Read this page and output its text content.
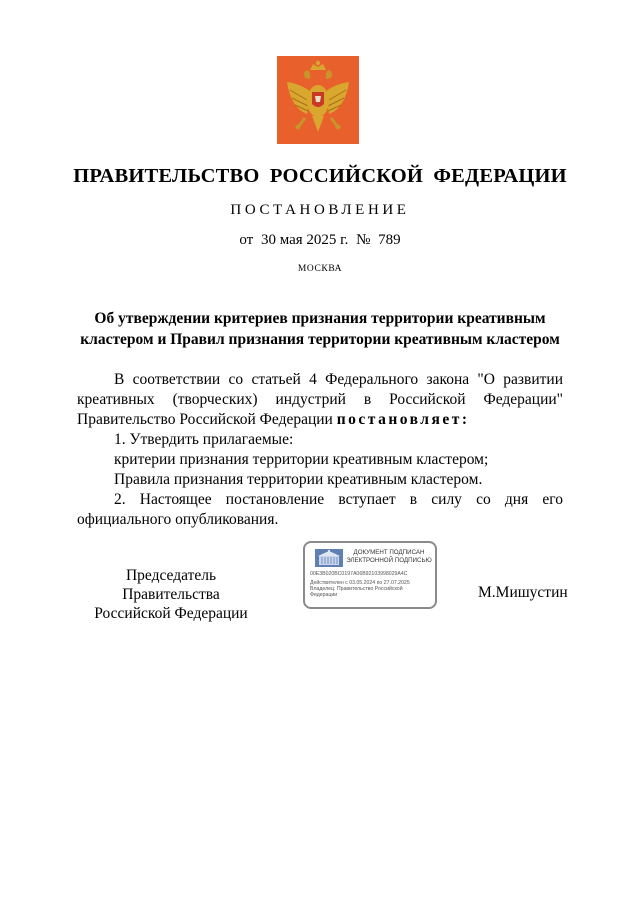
ПРАВИТЕЛЬСТВО РОССИЙСКОЙ ФЕДЕРАЦИИ
ПОСТАНОВЛЕНИЕ
от 30 мая 2025 г. № 789
МОСКВА
Об утверждении критериев признания территории креативным
кластером и Правил признания территории креативным кластером

В соответствии со статьей 4 Федерального закона "О развитии

креативных (творческих) индустрий в Российской Федерации"

Правительство Российской Федерации постановляет:

1. Утвердить прилагаемые:

критерии признания территории креативным кластером;

Правила признания территории креативным кластером.

2. Настоящее постановление вступает в силу со дня его

официального опубликования.

Председатель Правительства
Российской Федерации
ДОКУМЕНТ ПОДПИСАН
ЭЛЕКТРОННОЙ ПОДПИСЬЮ
00E3B020BC0197A06B92103998029A4C
Действителен с 03.05.2024 по 27.07.2025
Владелец: Правительство Российской
Федерации	М.Мишустин
